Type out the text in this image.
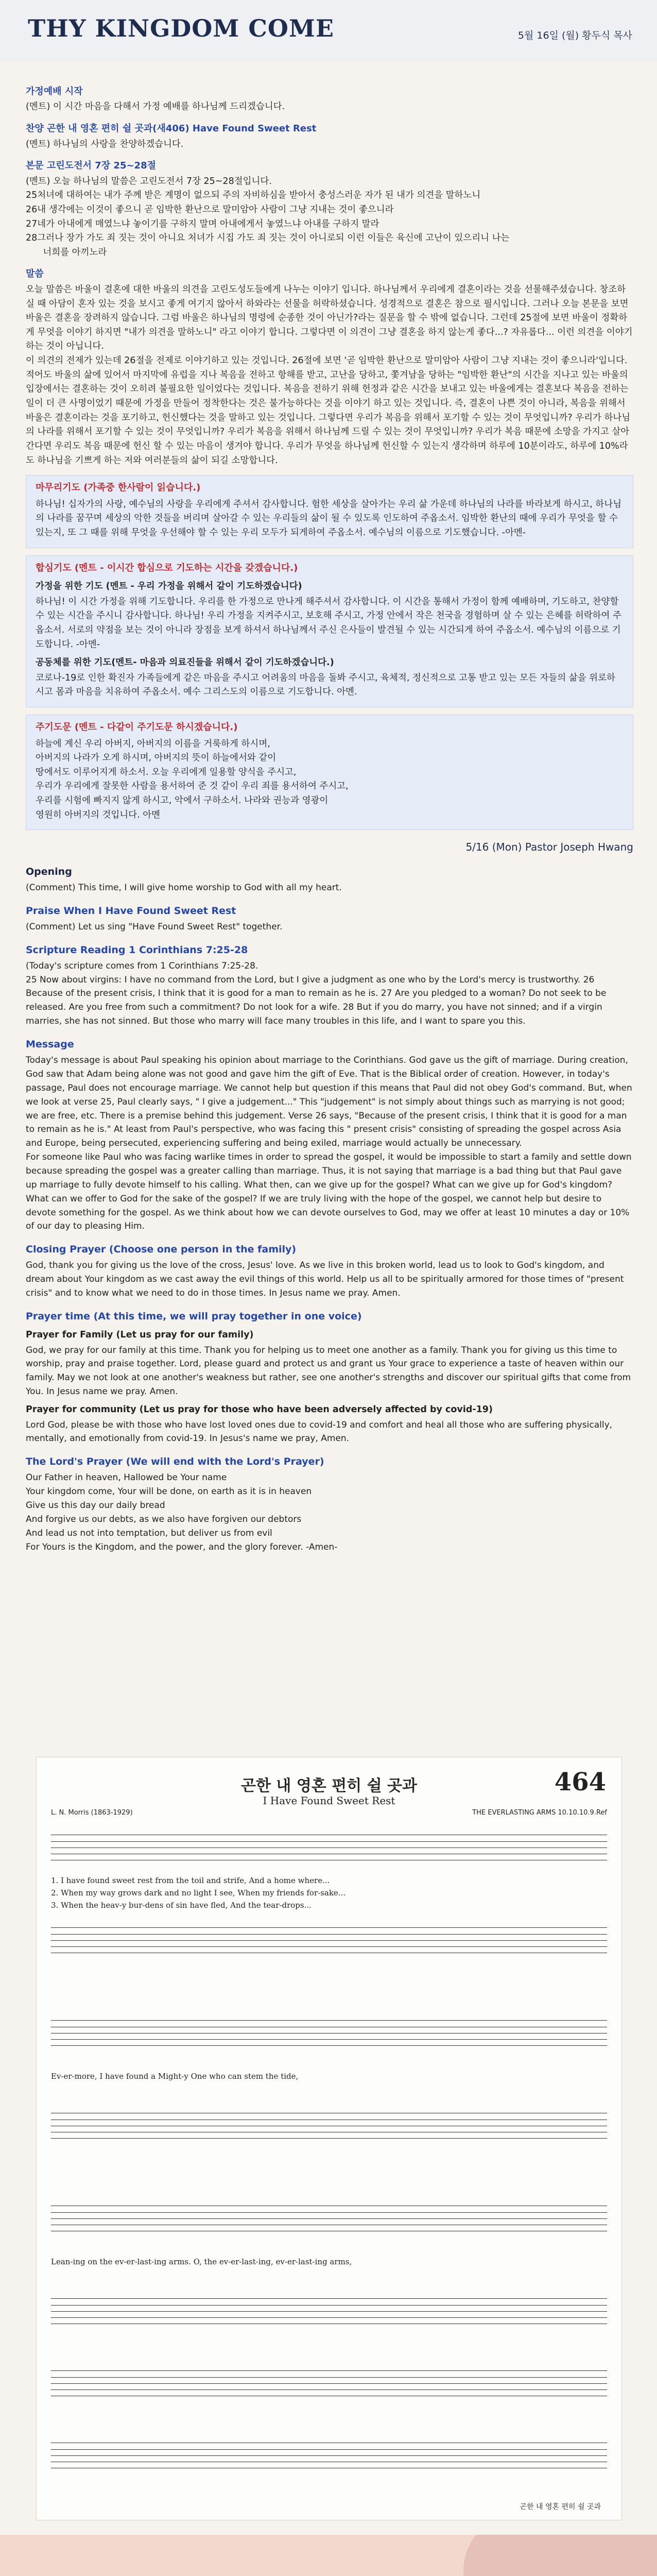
THY KINGDOM COME	5월 16일 (월) 황두식 목사
가정예배 시작
(멘트) 이 시간 마음을 다해서 가정 예배를 하나님께 드리겠습니다.
찬양 곤한 내 영혼 편히 쉴 곳과(새406) Have Found Sweet Rest
(멘트) 하나님의 사랑을 찬양하겠습니다.
본문 고린도전서 7장 25~28절
(멘트) 오늘 하나님의 말씀은 고린도전서 7장 25~28절입니다.
25처녀에 대하여는 내가 주께 받은 계명이 없으되 주의 자비하심을 받아서 충성스러운 자가 된 내가 의견을 말하노니
26내 생각에는 이것이 좋으니 곧 임박한 환난으로 말미암아 사람이 그냥 지내는 것이 좋으니라
27네가 아내에게 매였느냐 놓이기를 구하지 말며 아내에게서 놓였느냐 아내를 구하지 말라
28그러나 장가 가도 죄 짓는 것이 아니요 처녀가 시집 가도 죄 짓는 것이 아니로되 이런 이들은 육신에 고난이 있으리니 나는
너희를 아끼노라
말씀
오늘 말씀은 바울이 결혼에 대한 바울의 의견을 고린도성도들에게 나누는 이야기 입니다. 하나님께서 우리에게 결혼이라는 것을 선물해주셨습니다. 창조하실 때 아담이 혼자 있는 것을 보시고 좋게 여기지 않아서 하와라는 선물을 허락하셨습니다. 성경적으로 결혼은 참으로 필시입니다. 그러나 오늘 본문을 보면 바울은 결혼을 장려하지 않습니다. 그럼 바울은 하나님의 명령에 순종한 것이 아닌가?라는 질문을 할 수 밖에 없습니다. 그런데 25절에 보면 바울이 정확하게 무엇을 이야기 하지면 "내가 의견을 말하노니" 라고 이야기 합니다. 그렇다면 이 의견이 그냥 결혼을 하지 않는게 좋다...? 자유롭다... 이런 의견을 이야기하는 것이 아닙니다.
이 의견의 전제가 있는데 26절을 전제로 이야기하고 있는 것입니다. 26절에 보면 '곧 임박한 환난으로 말미암아 사람이 그냥 지내는 것이 좋으니라'입니다. 적어도 바울의 삶에 있어서 마지막에 유럽을 지나 복음을 전하고 항해를 받고, 고난을 당하고, 쫓겨남을 당하는 "임박한 환난"의 시간을 지나고 있는 바울의 입장에서는 결혼하는 것이 오히려 불필요한 일이었다는 것입니다. 복음을 전하기 위해 헌정과 같은 시간을 보내고 있는 바울에게는 결혼보다 복음을 전하는 일이 더 큰 사명이었기 때문에 가정을 만들어 정착한다는 것은 불가능하다는 것을 이야기 하고 있는 것입니다. 즉, 결혼이 나쁜 것이 아니라, 복음을 위해서 바울은 결혼이라는 것을 포기하고, 헌신했다는 것을 말하고 있는 것입니다. 그렇다면 우리가 복음을 위해서 포기할 수 있는 것이 무엇입니까? 우리가 하나님의 나라를 위해서 포기할 수 있는 것이 무엇입니까? 우리가 복음을 위해서 하나님께 드릴 수 있는 것이 무엇입니까? 우리가 복음 때문에 소망을 가지고 살아간다면 우리도 복음 때문에 헌신 할 수 있는 마음이 생겨야 합니다. 우리가 무엇을 하나님께 헌신할 수 있는지 생각하며 하루에 10분이라도, 하루에 10%라도 하나님을 기쁘게 하는 저와 여러분들의 삶이 되길 소망합니다.
마무리기도 (가족중 한사람이 읽습니다.)
하나님! 십자가의 사랑, 예수님의 사랑을 우리에게 주셔서 감사합니다. 험한 세상을 살아가는 우리 삶 가운데 하나님의 나라를 바라보게 하시고, 하나님의 나라를 꿈꾸며 세상의 악한 것들을 버리며 살아갈 수 있는 우리들의 삶이 될 수 있도록 인도하여 주옵소서. 임박한 환난의 때에 우리가 무엇을 할 수 있는지, 또 그 때를 위해 무엇을 우선해야 할 수 있는 우리 모두가 되게하여 주옵소서. 예수님의 이름으로 기도했습니다. -아멘-
합심기도 (멘트 - 이시간 합심으로 기도하는 시간을 갖겠습니다.)
가정을 위한 기도 (멘트 - 우리 가정을 위해서 같이 기도하겠습니다)
하나님! 이 시간 가정을 위해 기도합니다. 우리를 한 가정으로 만나게 해주셔서 감사합니다. 이 시간을 통해서 가정이 함께 예배하며, 기도하고, 찬양할 수 있는 시간을 주시니 감사합니다. 하나님! 우리 가정을 지켜주시고, 보호해 주시고, 가정 안에서 작은 천국을 경험하며 살 수 있는 은혜를 허락하여 주옵소서. 서로의 약점을 보는 것이 아니라 장점을 보게 하셔서 하나님께서 주신 은사들이 발견될 수 있는 시간되게 하여 주옵소서. 예수님의 이름으로 기도합니다. -아멘-
공동체를 위한 기도(멘트- 마음과 의료진들을 위해서 같이 기도하겠습니다.)
코로나-19로 인한 확진자 가족들에게 같은 마음을 주시고 어려움의 마음을 돌봐 주시고, 육체적, 정신적으로 고통 받고 있는 모든 자들의 삶을 위로하시고 몸과 마음을 치유하여 주옵소서. 예수 그리스도의 이름으로 기도합니다. 아멘.
주기도문 (멘트 - 다같이 주기도문 하시겠습니다.)
하늘에 계신 우리 아버지, 아버지의 이름을 거룩하게 하시며,
아버지의 나라가 오게 하시며, 아버지의 뜻이 하늘에서와 같이
땅에서도 이루어지게 하소서. 오늘 우리에게 일용할 양식을 주시고,
우리가 우리에게 잘못한 사람을 용서하여 준 것 같이 우리 죄를 용서하여 주시고,
우리를 시험에 빠지지 않게 하시고, 악에서 구하소서. 나라와 권능과 영광이
영원히 아버지의 것입니다. 아멘
5/16 (Mon) Pastor Joseph Hwang
Opening
(Comment) This time, I will give home worship to God with all my heart.
Praise When I Have Found Sweet Rest
(Comment) Let us sing "Have Found Sweet Rest" together.
Scripture Reading 1 Corinthians 7:25-28
(Today's scripture comes from 1 Corinthians 7:25-28.
25 Now about virgins: I have no command from the Lord, but I give a judgment as one who by the Lord's mercy is trustworthy. 26 Because of the present crisis, I think that it is good for a man to remain as he is. 27 Are you pledged to a woman? Do not seek to be released. Are you free from such a commitment? Do not look for a wife. 28 But if you do marry, you have not sinned; and if a virgin marries, she has not sinned. But those who marry will face many troubles in this life, and I want to spare you this.
Message
Today's message is about Paul speaking his opinion about marriage to the Corinthians. God gave us the gift of marriage. During creation, God saw that Adam being alone was not good and gave him the gift of Eve. That is the Biblical order of creation. However, in today's passage, Paul does not encourage marriage. We cannot help but question if this means that Paul did not obey God's command. But, when we look at verse 25, Paul clearly says, " I give a judgement..." This "judgement" is not simply about things such as marrying is not good; we are free, etc. There is a premise behind this judgement. Verse 26 says, "Because of the present crisis, I think that it is good for a man to remain as he is." At least from Paul's perspective, who was facing this " present crisis" consisting of spreading the gospel across Asia and Europe, being persecuted, experiencing suffering and being exiled, marriage would actually be unnecessary.
For someone like Paul who was facing warlike times in order to spread the gospel, it would be impossible to start a family and settle down because spreading the gospel was a greater calling than marriage. Thus, it is not saying that marriage is a bad thing but that Paul gave up marriage to fully devote himself to his calling. What then, can we give up for the gospel? What can we give up for God's kingdom? What can we offer to God for the sake of the gospel? If we are truly living with the hope of the gospel, we cannot help but desire to devote something for the gospel. As we think about how we can devote ourselves to God, may we offer at least 10 minutes a day or 10% of our day to pleasing Him.
Closing Prayer (Choose one person in the family)
God, thank you for giving us the love of the cross, Jesus' love. As we live in this broken world, lead us to look to God's kingdom, and dream about Your kingdom as we cast away the evil things of this world. Help us all to be spiritually armored for those times of "present crisis" and to know what we need to do in those times. In Jesus name we pray. Amen.
Prayer time (At this time, we will pray together in one voice)
Prayer for Family (Let us pray for our family)
God, we pray for our family at this time. Thank you for helping us to meet one another as a family. Thank you for giving us this time to worship, pray and praise together. Lord, please guard and protect us and grant us Your grace to experience a taste of heaven within our family. May we not look at one another's weakness but rather, see one another's strengths and discover our spiritual gifts that come from You. In Jesus name we pray. Amen.
Prayer for community (Let us pray for those who have been adversely affected by covid-19)
Lord God, please be with those who have lost loved ones due to covid-19 and comfort and heal all those who are suffering physically, mentally, and emotionally from covid-19. In Jesus's name we pray, Amen.
The Lord's Prayer (We will end with the Lord's Prayer)
Our Father in heaven, Hallowed be Your name
Your kingdom come, Your will be done, on earth as it is in heaven
Give us this day our daily bread
And forgive us our debts, as we also have forgiven our debtors
And lead us not into temptation, but deliver us from evil
For Yours is the Kingdom, and the power, and the glory forever. -Amen-
곤한 내 영혼 편히 쉴 곳과
I Have Found Sweet Rest
464
L. N. Morris (1863-1929)	THE EVERLASTING ARMS 10.10.10.9.Ref
1. I have found sweet rest from the toil and strife, And a home where...
2. When my way grows dark and no light I see, When my friends for-sake...
3. When the heav-y bur-dens of sin have fled, And the tear-drops...
Ev-er-more, I have found a Might-y One who can stem the tide,
Lean-ing on the ev-er-last-ing arms. O, the ev-er-last-ing, ev-er-last-ing arms,
곤한 내 영혼 편히 쉴 곳과
